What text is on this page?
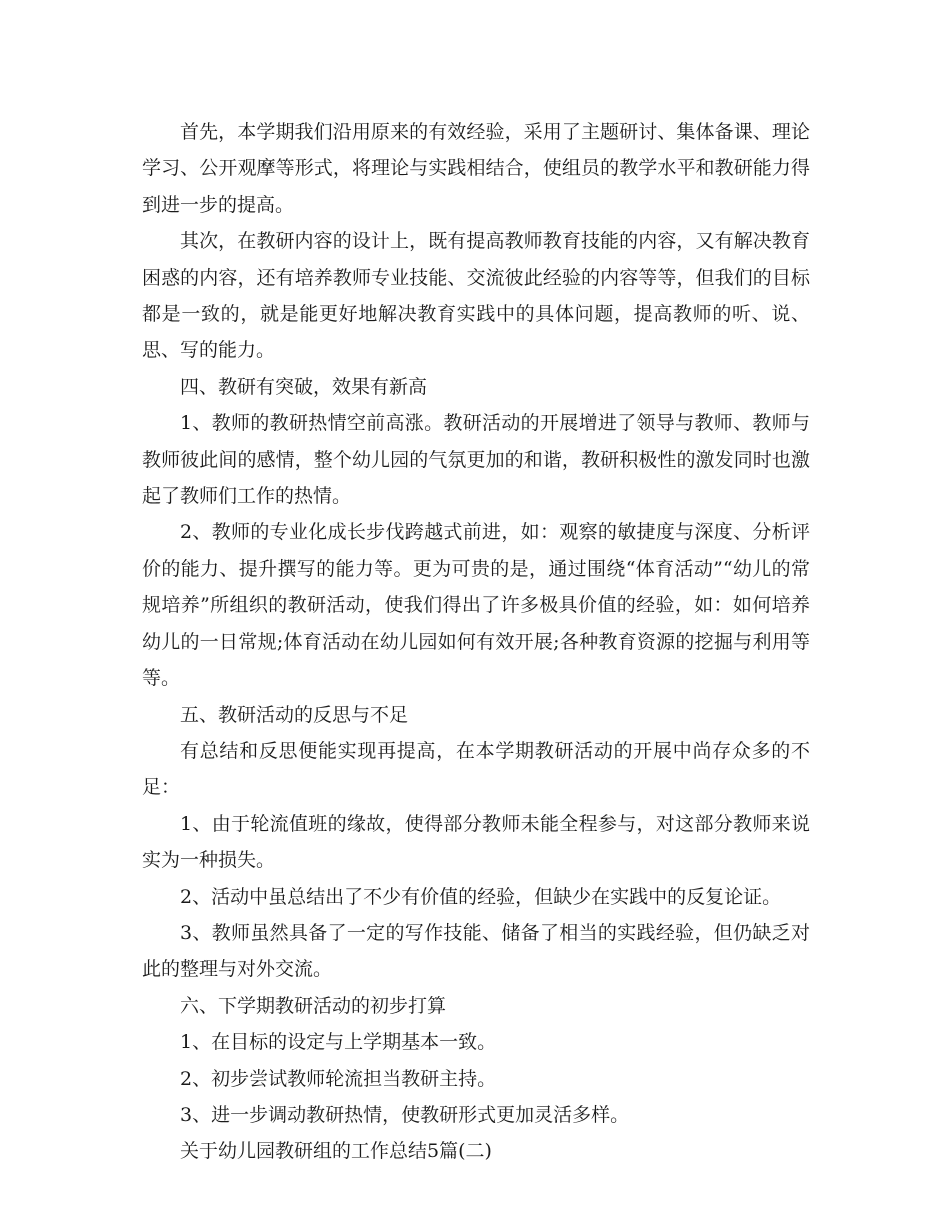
首先，本学期我们沿用原来的有效经验，采用了主题研讨、集体备课、理论学习、公开观摩等形式，将理论与实践相结合，使组员的教学水平和教研能力得到进一步的提高。

其次，在教研内容的设计上，既有提高教师教育技能的内容，又有解决教育困惑的内容，还有培养教师专业技能、交流彼此经验的内容等等，但我们的目标都是一致的，就是能更好地解决教育实践中的具体问题，提高教师的听、说、思、写的能力。

四、教研有突破，效果有新高

1、教师的教研热情空前高涨。教研活动的开展增进了领导与教师、教师与教师彼此间的感情，整个幼儿园的气氛更加的和谐，教研积极性的激发同时也激起了教师们工作的热情。

2、教师的专业化成长步伐跨越式前进，如：观察的敏捷度与深度、分析评价的能力、提升撰写的能力等。更为可贵的是，通过围绕“体育活动”“幼儿的常规培养”所组织的教研活动，使我们得出了许多极具价值的经验，如：如何培养幼儿的一日常规;体育活动在幼儿园如何有效开展;各种教育资源的挖掘与利用等等。

五、教研活动的反思与不足

有总结和反思便能实现再提高，在本学期教研活动的开展中尚存众多的不足：

1、由于轮流值班的缘故，使得部分教师未能全程参与，对这部分教师来说实为一种损失。

2、活动中虽总结出了不少有价值的经验，但缺少在实践中的反复论证。

3、教师虽然具备了一定的写作技能、储备了相当的实践经验，但仍缺乏对此的整理与对外交流。

六、下学期教研活动的初步打算

1、在目标的设定与上学期基本一致。

2、初步尝试教师轮流担当教研主持。

3、进一步调动教研热情，使教研形式更加灵活多样。

关于幼儿园教研组的工作总结5篇(二)
